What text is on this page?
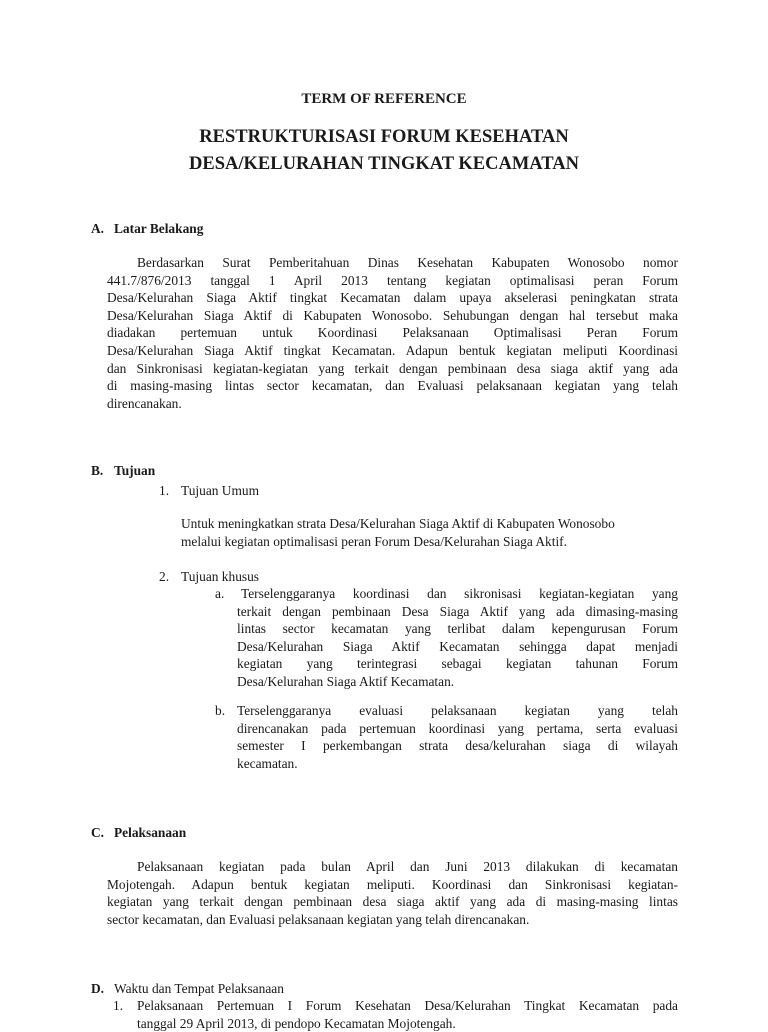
TERM OF REFERENCE
RESTRUKTURISASI FORUM KESEHATAN
DESA/KELURAHAN TINGKAT KECAMATAN
A. Latar Belakang
Berdasarkan Surat Pemberitahuan Dinas Kesehatan Kabupaten Wonosobo nomor
441.7/876/2013 tanggal 1 April 2013 tentang kegiatan optimalisasi peran Forum
Desa/Kelurahan Siaga Aktif tingkat Kecamatan dalam upaya akselerasi peningkatan strata
Desa/Kelurahan Siaga Aktif di Kabupaten Wonosobo. Sehubungan dengan hal tersebut maka
diadakan pertemuan untuk Koordinasi Pelaksanaan Optimalisasi Peran Forum
Desa/Kelurahan Siaga Aktif tingkat Kecamatan. Adapun bentuk kegiatan meliputi Koordinasi
dan Sinkronisasi kegiatan-kegiatan yang terkait dengan pembinaan desa siaga aktif yang ada
di masing-masing lintas sector kecamatan, dan Evaluasi pelaksanaan kegiatan yang telah
direncanakan.
B. Tujuan
1. Tujuan Umum
Untuk meningkatkan strata Desa/Kelurahan Siaga Aktif di Kabupaten Wonosobo
melalui kegiatan optimalisasi peran Forum Desa/Kelurahan Siaga Aktif.
2. Tujuan khusus
a. Terselenggaranya koordinasi dan sikronisasi kegiatan-kegiatan yang
terkait dengan pembinaan Desa Siaga Aktif yang ada dimasing-masing
lintas sector kecamatan yang terlibat dalam kepengurusan Forum
Desa/Kelurahan Siaga Aktif Kecamatan sehingga dapat menjadi
kegiatan yang terintegrasi sebagai kegiatan tahunan Forum
Desa/Kelurahan Siaga Aktif Kecamatan.
b. Terselenggaranya evaluasi pelaksanaan kegiatan yang telah
direncanakan pada pertemuan koordinasi yang pertama, serta evaluasi
semester I perkembangan strata desa/kelurahan siaga di wilayah
kecamatan.
C. Pelaksanaan
Pelaksanaan kegiatan pada bulan April dan Juni 2013 dilakukan di kecamatan
Mojotengah. Adapun bentuk kegiatan meliputi. Koordinasi dan Sinkronisasi kegiatan-
kegiatan yang terkait dengan pembinaan desa siaga aktif yang ada di masing-masing lintas
sector kecamatan, dan Evaluasi pelaksanaan kegiatan yang telah direncanakan.
D. Waktu dan Tempat Pelaksanaan
1. Pelaksanaan Pertemuan I Forum Kesehatan Desa/Kelurahan Tingkat Kecamatan pada
tanggal 29 April 2013, di pendopo Kecamatan Mojotengah.
